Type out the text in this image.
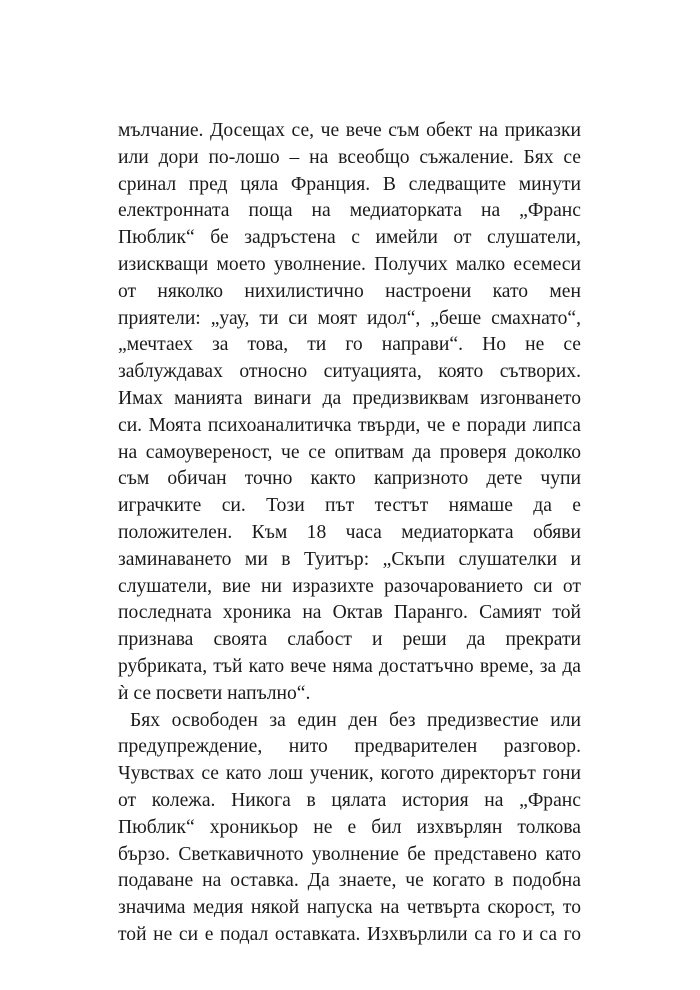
мълчание. Досещах се, че вече съм обект на приказки
или дори по-лошо – на всеобщо съжаление. Бях се
сринал пред цяла Франция. В следващите минути
електронната поща на медиаторката на „Франс
Пюблик“ бе задръстена с имейли от слушатели,
изискващи моето уволнение. Получих малко есемеси
от няколко нихилистично настроени като мен
приятели: „уау, ти си моят идол“, „беше смахнато“,
„мечтаех за това, ти го направи“. Но не се
заблуждавах относно ситуацията, която сътворих.
Имах манията винаги да предизвиквам изгонването
си. Моята психоаналитичка твърди, че е поради липса
на самоувереност, че се опитвам да проверя доколко
съм обичан точно както капризното дете чупи
играчките си. Този път тестът нямаше да е
положителен. Към 18 часа медиаторката обяви
заминаването ми в Туитър: „Скъпи слушателки и
слушатели, вие ни изразихте разочарованието си от
последната хроника на Октав Паранго. Самият той
признава своята слабост и реши да прекрати
рубриката, тъй като вече няма достатъчно време, за да
ѝ се посвети напълно“.
Бях освободен за един ден без предизвестие или
предупреждение, нито предварителен разговор.
Чувствах се като лош ученик, когото директорът гони
от колежа. Никога в цялата история на „Франс
Пюблик“ хроникьор не е бил изхвърлян толкова
бързо. Светкавичното уволнение бе представено като
подаване на оставка. Да знаете, че когато в подобна
значима медия някой напуска на четвърта скорост, то
той не си е подал оставката. Изхвърлили са го и са го
